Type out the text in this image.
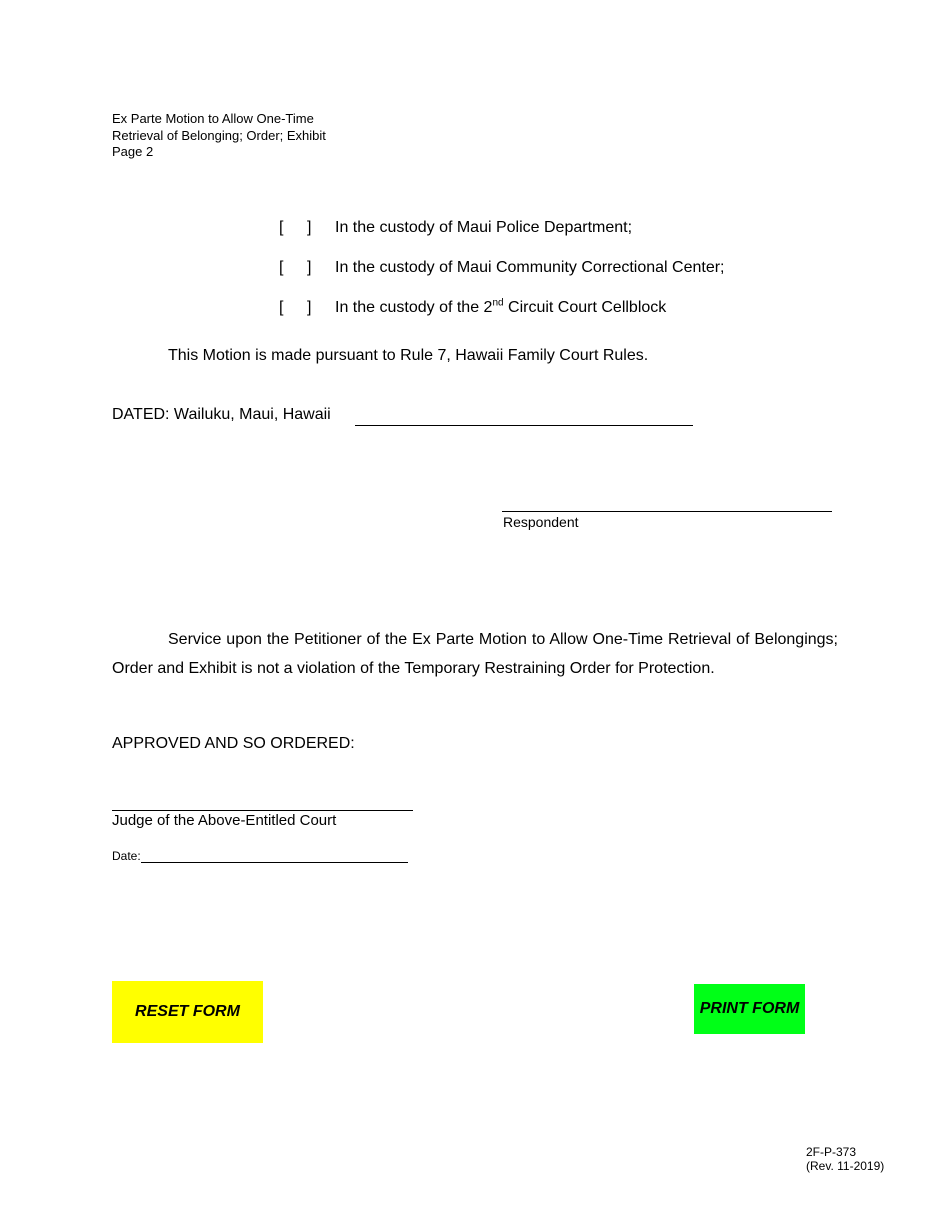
Ex Parte Motion to Allow One-Time
Retrieval of Belonging; Order; Exhibit
Page 2
[ ] In the custody of Maui Police Department;
[ ] In the custody of Maui Community Correctional Center;
[ ] In the custody of the 2nd Circuit Court Cellblock
This Motion is made pursuant to Rule 7, Hawaii Family Court Rules.
DATED: Wailuku, Maui, Hawaii
Respondent
Service upon the Petitioner of the Ex Parte Motion to Allow One-Time Retrieval of Belongings; Order and Exhibit is not a violation of the Temporary Restraining Order for Protection.
APPROVED AND SO ORDERED:
Judge of the Above-Entitled Court
Date:
RESET FORM	PRINT FORM
2F-P-373
(Rev. 11-2019)
